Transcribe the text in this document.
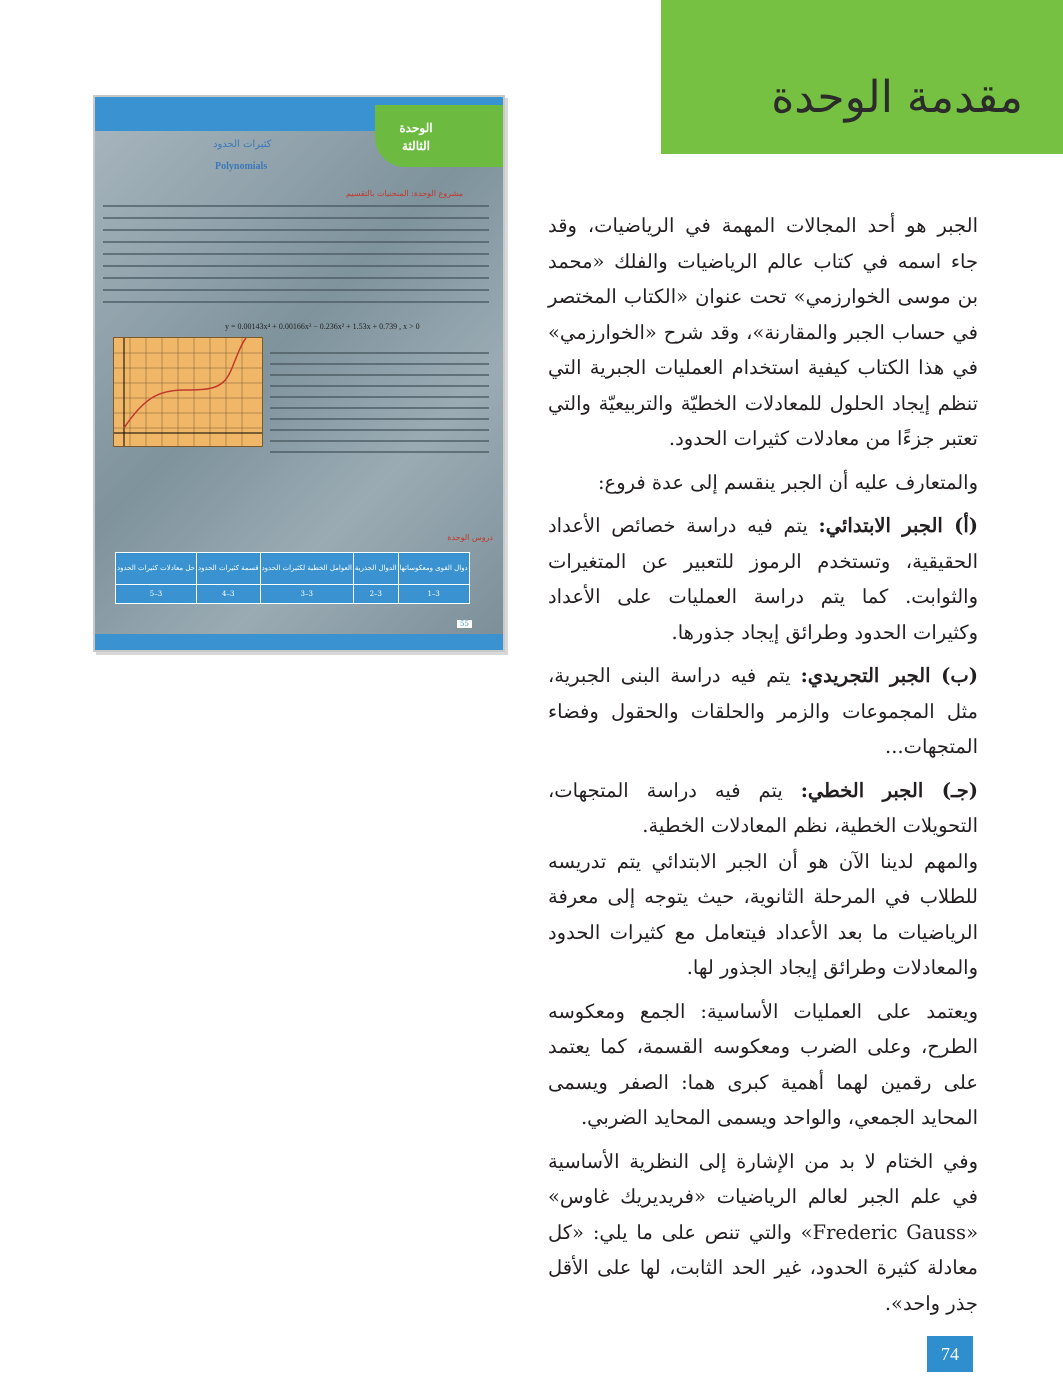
مقدمة الوحدة
الوحدة
الثالثة
كثيرات الحدود
Polynomials
مشروع الوحدة: المنحنيات بالتقسيم
y = 0.00143x⁴ + 0.00166x³ − 0.236x² + 1.53x + 0.739 , x > 0
دروس الوحدة
دوال القوى ومعكوساتها	الدوال الجذرية	العوامل الخطية لكثيرات الحدود	قسمة كثيرات الحدود	حل معادلات كثيرات الحدود
3–1	3–2	3–3	3–4	3–5
55

الجبر هو أحد المجالات المهمة في الرياضيات، وقد جاء اسمه في كتاب عالم الرياضيات والفلك «محمد بن موسى الخوارزمي» تحت عنوان «الكتاب المختصر في حساب الجبر والمقارنة»، وقد شرح «الخوارزمي» في هذا الكتاب كيفية استخدام العمليات الجبرية التي تنظم إيجاد الحلول للمعادلات الخطيّة والتربيعيّة والتي تعتبر جزءًا من معادلات كثيرات الحدود.

والمتعارف عليه أن الجبر ينقسم إلى عدة فروع:

(أ) الجبر الابتدائي: يتم فيه دراسة خصائص الأعداد الحقيقية، وتستخدم الرموز للتعبير عن المتغيرات والثوابت. كما يتم دراسة العمليات على الأعداد وكثيرات الحدود وطرائق إيجاد جذورها.

(ب) الجبر التجريدي: يتم فيه دراسة البنى الجبرية، مثل المجموعات والزمر والحلقات والحقول وفضاء المتجهات...

(جـ) الجبر الخطي: يتم فيه دراسة المتجهات، التحويلات الخطية، نظم المعادلات الخطية.

والمهم لدينا الآن هو أن الجبر الابتدائي يتم تدريسه للطلاب في المرحلة الثانوية، حيث يتوجه إلى معرفة الرياضيات ما بعد الأعداد فيتعامل مع كثيرات الحدود والمعادلات وطرائق إيجاد الجذور لها.

ويعتمد على العمليات الأساسية: الجمع ومعكوسه الطرح، وعلى الضرب ومعكوسه القسمة، كما يعتمد على رقمين لهما أهمية كبرى هما: الصفر ويسمى المحايد الجمعي، والواحد ويسمى المحايد الضربي.

وفي الختام لا بد من الإشارة إلى النظرية الأساسية في علم الجبر لعالم الرياضيات «فريديريك غاوس» «Frederic Gauss» والتي تنص على ما يلي: «كل معادلة كثيرة الحدود، غير الحد الثابت، لها على الأقل جذر واحد».

74
